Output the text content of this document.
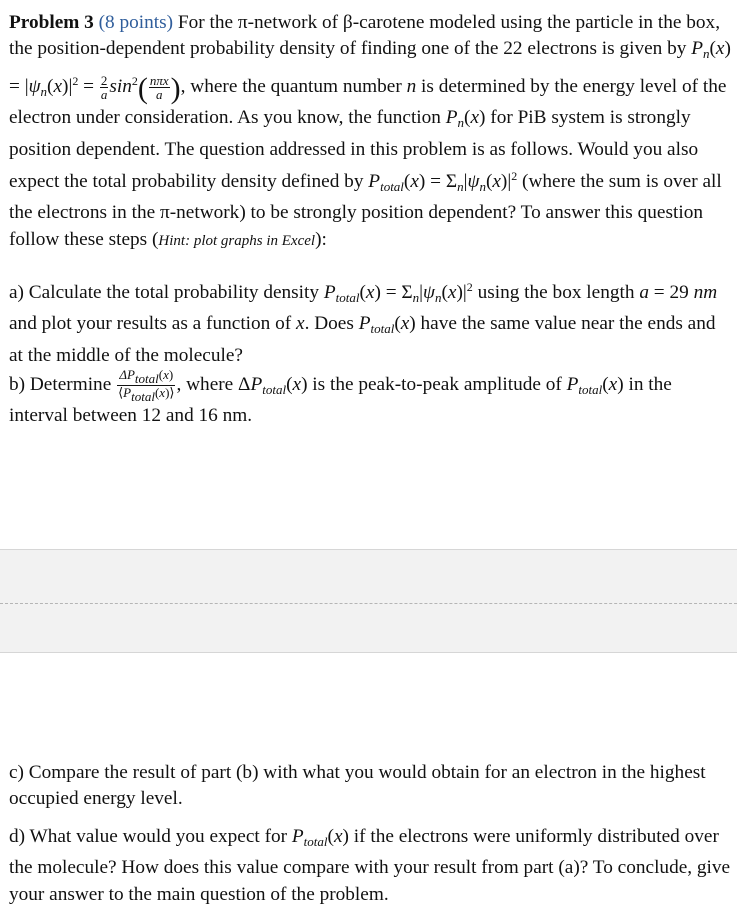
Problem 3 (8 points) For the π-network of β-carotene modeled using the particle in the box, the position-dependent probability density of finding one of the 22 electrons is given by $P_n(x) = |\psi_n(x)|^2 = \frac{2}{a} \sin^2( \frac{\text{nπx}}{a}$ ), where the quantum number n is determined by the energy level of the electron under consideration. As you know, the function $P_n(x)$ for PiB system is strongly position dependent. The question addressed in this problem is as follows. Would you also expect the total probability density defined by $P_{total}(x) = \Sigma_n|\psi_n(x)|^2$ (where the sum is over all the electrons in the π-network) to be strongly position dependent? To answer this question follow these steps (Hint: plot graphs in Excel):

a) Calculate the total probability density $P_{total}(x) = \Sigma_n|\psi_n(x)|^2$ using the box length a = 29 nm and plot your results as a function of x. Does $P_{total}(x)$ have the same value near the ends and at the middle of the molecule?

b) Determine $\frac{\text{ΔPtotal(x)}}{\text{⟨Ptotal(x)⟩}}$ , where $\Delta P_{total}(x)$ is the peak-to-peak amplitude of $P_{total}(x)$ in the interval between 12 and 16 nm.

c) Compare the result of part (b) with what you would obtain for an electron in the highest occupied energy level.

d) What value would you expect for $P_{total}(x)$ if the electrons were uniformly distributed over the molecule? How does this value compare with your result from part (a)? To conclude, give your answer to the main question of the problem.
